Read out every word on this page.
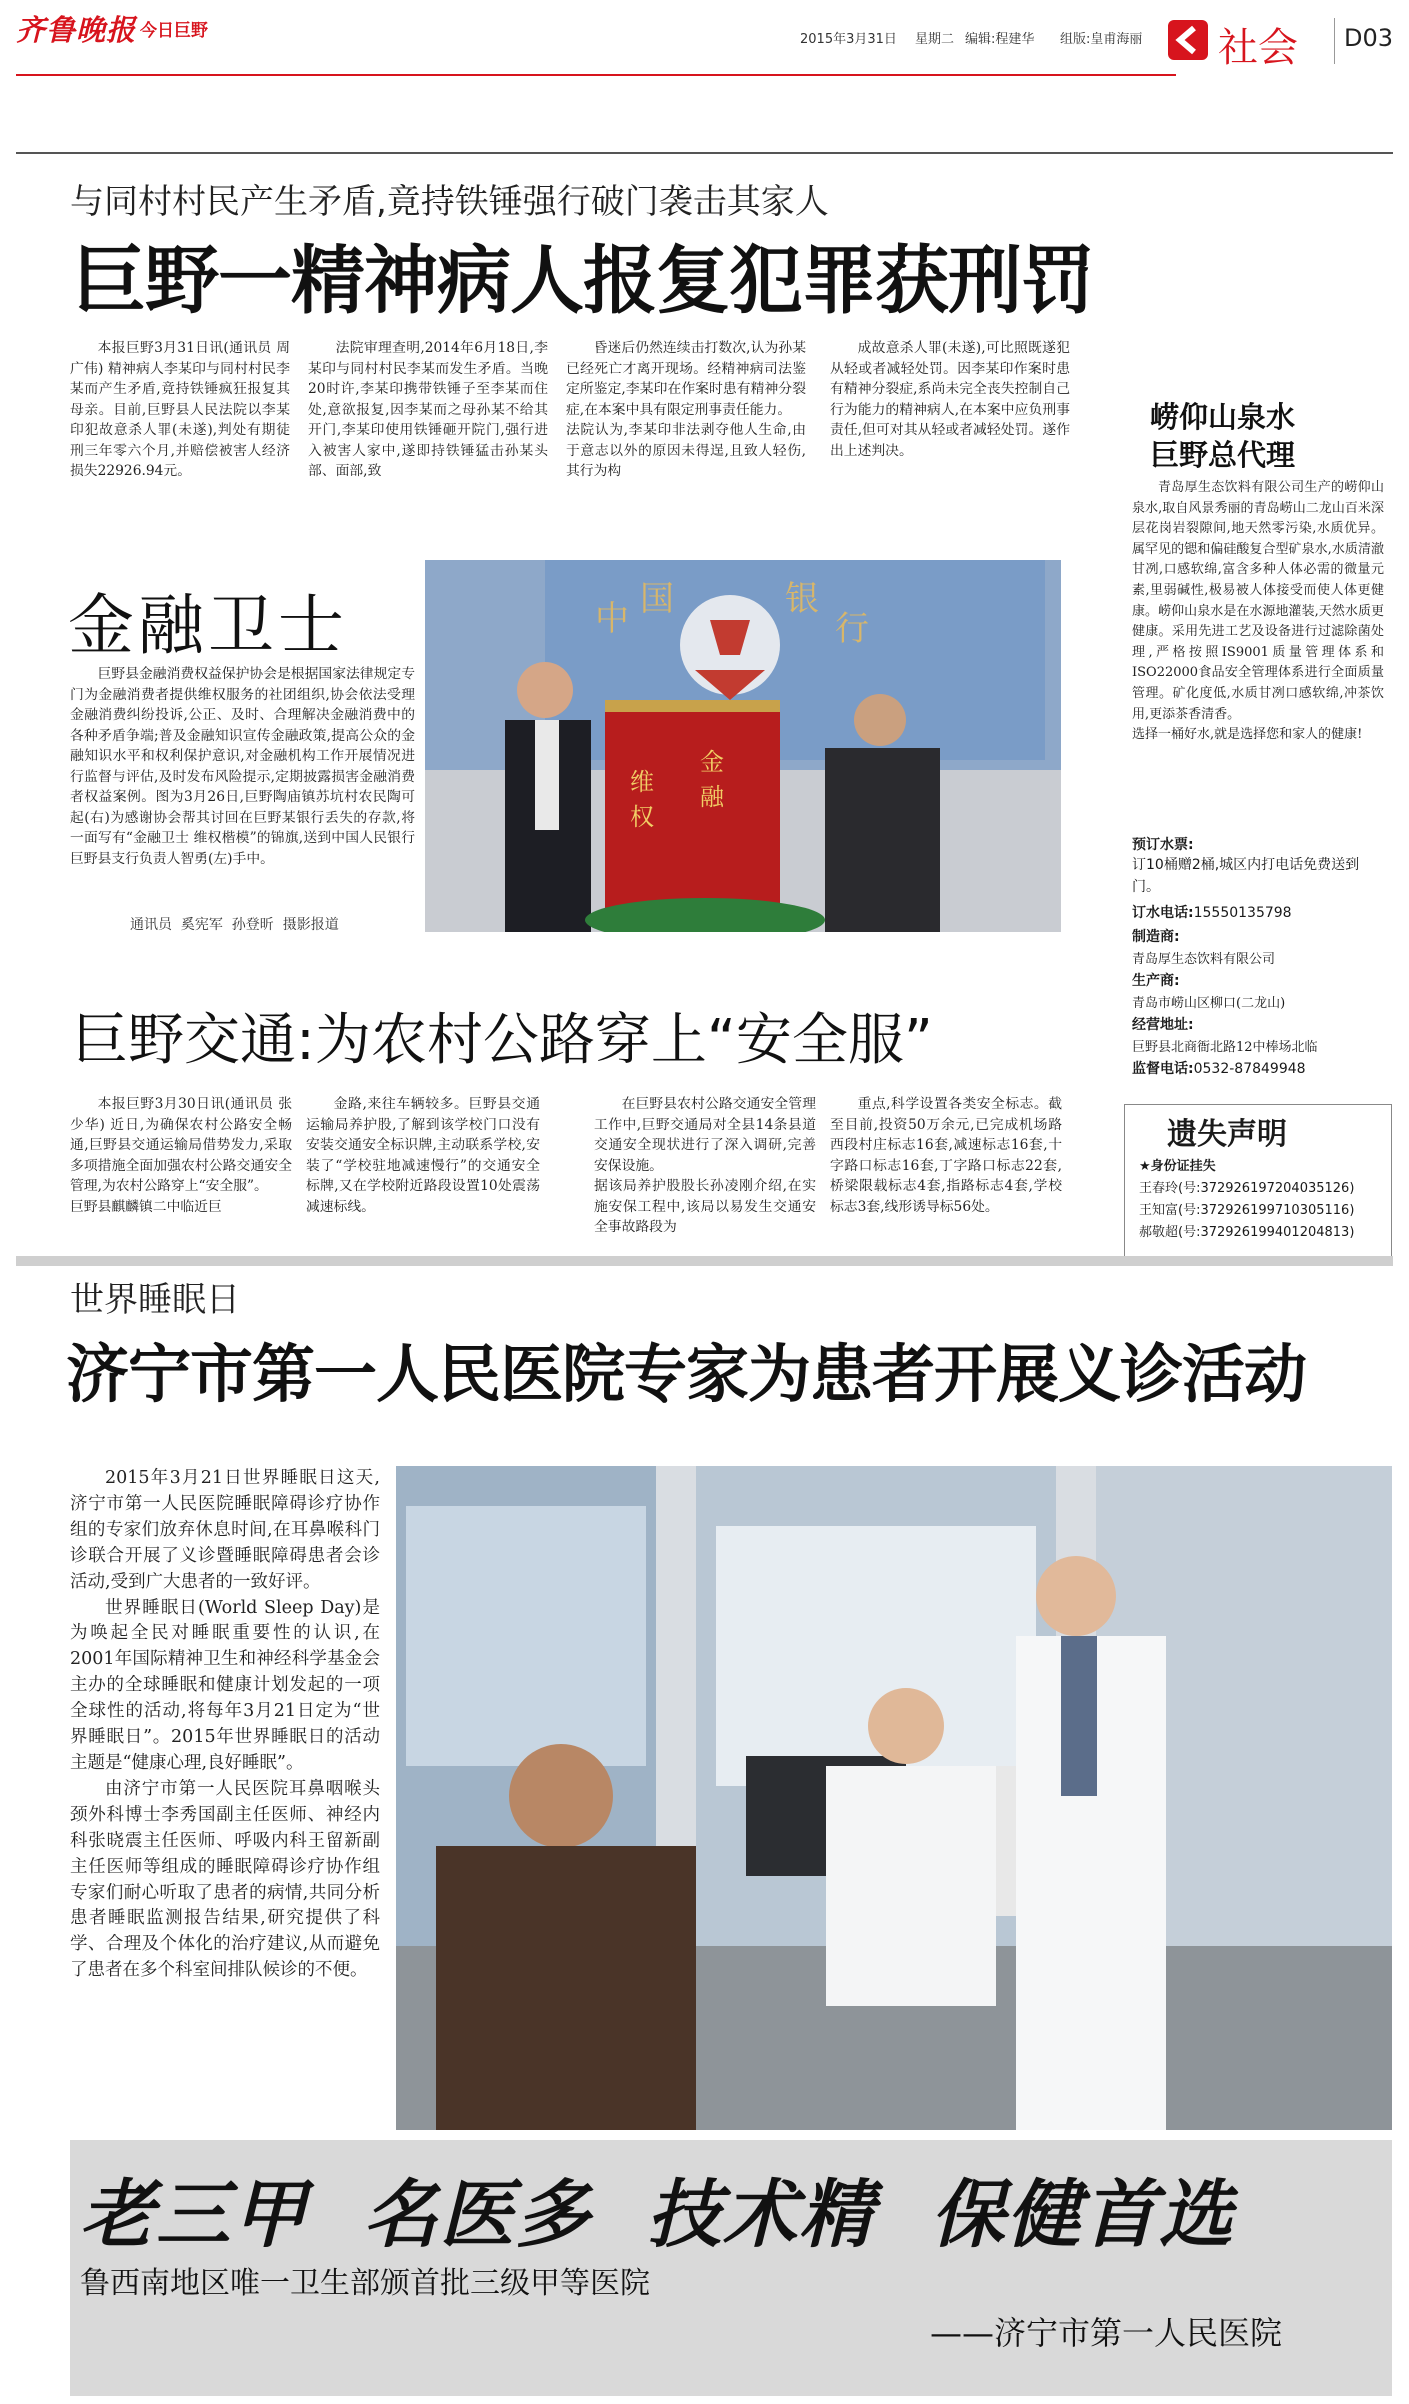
齐鲁晚报 今日巨野	2015年3月31日 星期二 编辑:程建华 组版:皇甫海丽 社会 D03
与同村村民产生矛盾,竟持铁锤强行破门袭击其家人
巨野一精神病人报复犯罪获刑罚

本报巨野3月31日讯(通讯员 周广伟) 精神病人李某印与同村村民李某而产生矛盾,竟持铁锤疯狂报复其母亲。目前,巨野县人民法院以李某印犯故意杀人罪(未遂),判处有期徒刑三年零六个月,并赔偿被害人经济损失22926.94元。

法院审理查明,2014年6月18日,李某印与同村村民李某而发生矛盾。当晚20时许,李某印携带铁锤子至李某而住处,意欲报复,因李某而之母孙某不给其开门,李某印使用铁锤砸开院门,强行进入被害人家中,遂即持铁锤猛击孙某头部、面部,致

昏迷后仍然连续击打数次,认为孙某已经死亡才离开现场。经精神病司法鉴定所鉴定,李某印在作案时患有精神分裂症,在本案中具有限定刑事责任能力。
法院认为,李某印非法剥夺他人生命,由于意志以外的原因未得逞,且致人轻伤,其行为构

成故意杀人罪(未遂),可比照既遂犯从轻或者减轻处罚。因李某印作案时患有精神分裂症,系尚未完全丧失控制自己行为能力的精神病人,在本案中应负刑事责任,但可对其从轻或者减轻处罚。遂作出上述判决。

金融卫士

巨野县金融消费权益保护协会是根据国家法律规定专门为金融消费者提供维权服务的社团组织,协会依法受理金融消费纠纷投诉,公正、及时、合理解决金融消费中的各种矛盾争端;普及金融知识宣传金融政策,提高公众的金融知识水平和权利保护意识,对金融机构工作开展情况进行监督与评估,及时发布风险提示,定期披露损害金融消费者权益案例。图为3月26日,巨野陶庙镇苏坑村农民陶可起(右)为感谢协会帮其讨回在巨野某银行丢失的存款,将一面写有“金融卫士 维权楷模”的锦旗,送到中国人民银行巨野县支行负责人智勇(左)手中。

通讯员  奚宪军  孙登昕  摄影报道
中 国	银
行
维
权
金
融
巨野交通:为农村公路穿上“安全服”

本报巨野3月30日讯(通讯员 张少华) 近日,为确保农村公路安全畅通,巨野县交通运输局借势发力,采取多项措施全面加强农村公路交通安全管理,为农村公路穿上“安全服”。
巨野县麒麟镇二中临近巨

金路,来往车辆较多。巨野县交通运输局养护股,了解到该学校门口没有安装交通安全标识牌,主动联系学校,安装了“学校驻地减速慢行”的交通安全标牌,又在学校附近路段设置10处震荡减速标线。

在巨野县农村公路交通安全管理工作中,巨野交通局对全县14条县道交通安全现状进行了深入调研,完善安保设施。
据该局养护股股长孙凌刚介绍,在实施安保工程中,该局以易发生交通安全事故路段为

重点,科学设置各类安全标志。截至目前,投资50万余元,已完成机场路西段村庄标志16套,减速标志16套,十字路口标志16套,丁字路口标志22套,桥梁限载标志4套,指路标志4套,学校标志3套,线形诱导标56处。

崂仰山泉水
巨野总代理
青岛厚生态饮料有限公司生产的崂仰山泉水,取自风景秀丽的青岛崂山二龙山百米深层花岗岩裂隙间,地天然零污染,水质优异。属罕见的锶和偏硅酸复合型矿泉水,水质清澈甘冽,口感软绵,富含多种人体必需的微量元素,里弱碱性,极易被人体接受而使人体更健康。崂仰山泉水是在水源地灌装,天然水质更健康。采用先进工艺及设备进行过滤除菌处理,严格按照IS9001质量管理体系和ISO22000食品安全管理体系进行全面质量管理。矿化度低,水质甘冽口感软绵,冲茶饮用,更添茶香清香。
选择一桶好水,就是选择您和家人的健康!
预订水票:
订10桶赠2桶,城区内打电话免费送到门。
订水电话:15550135798
制造商:
青岛厚生态饮料有限公司
生产商:
青岛市崂山区柳口(二龙山)
经营地址:
巨野县北商衙北路12中棒场北临
监督电话:0532-87849948
遗失声明
★身份证挂失
王春玲(号:372926197204035126)
王知富(号:372926199710305116)
郝敬超(号:372926199401204813)
世界睡眠日
济宁市第一人民医院专家为患者开展义诊活动

2015年3月21日世界睡眠日这天,济宁市第一人民医院睡眠障碍诊疗协作组的专家们放弃休息时间,在耳鼻喉科门诊联合开展了义诊暨睡眠障碍患者会诊活动,受到广大患者的一致好评。

世界睡眠日(World Sleep Day)是为唤起全民对睡眠重要性的认识,在2001年国际精神卫生和神经科学基金会主办的全球睡眠和健康计划发起的一项全球性的活动,将每年3月21日定为“世界睡眠日”。2015年世界睡眠日的活动主题是“健康心理,良好睡眠”。

由济宁市第一人民医院耳鼻咽喉头颈外科博士李秀国副主任医师、神经内科张晓震主任医师、呼吸内科王留新副主任医师等组成的睡眠障碍诊疗协作组专家们耐心听取了患者的病情,共同分析患者睡眠监测报告结果,研究提供了科学、合理及个体化的治疗建议,从而避免了患者在多个科室间排队候诊的不便。

老三甲  名医多  技术精  保健首选
鲁西南地区唯一卫生部颁首批三级甲等医院
——济宁市第一人民医院
